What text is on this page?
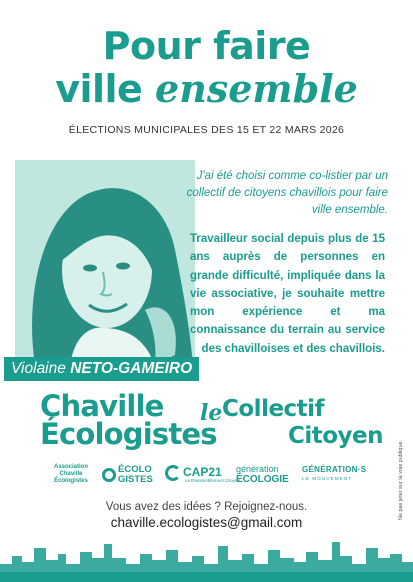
Pour faire
ville ensemble
ÉLECTIONS MUNICIPALES DES 15 ET 22 MARS 2026
Violaine NETO-GAMEIRO
J'ai été choisi comme co-listier par un collectif de citoyens chavillois pour faire ville ensemble.
Travailleur social depuis plus de 15 ans auprès de personnes en grande difficulté, impliquée dans la vie associative, je souhaite mettre mon expérience et ma connaissance du terrain au service des chavilloises et des chavillois.
Chaville
Écologistes
le Collectif
Citoyen
Association Chaville Écologistes
ÉCOLO
GISTES
CAP21
Le Rassemblement Citoyen
génération
ÉCOLOGIE
GÉNÉRATION·S
LE MOUVEMENT
Vous avez des idées ? Rejoignez-nous.
chaville.ecologistes@gmail.com
Ne pas jeter sur la voie publique.
